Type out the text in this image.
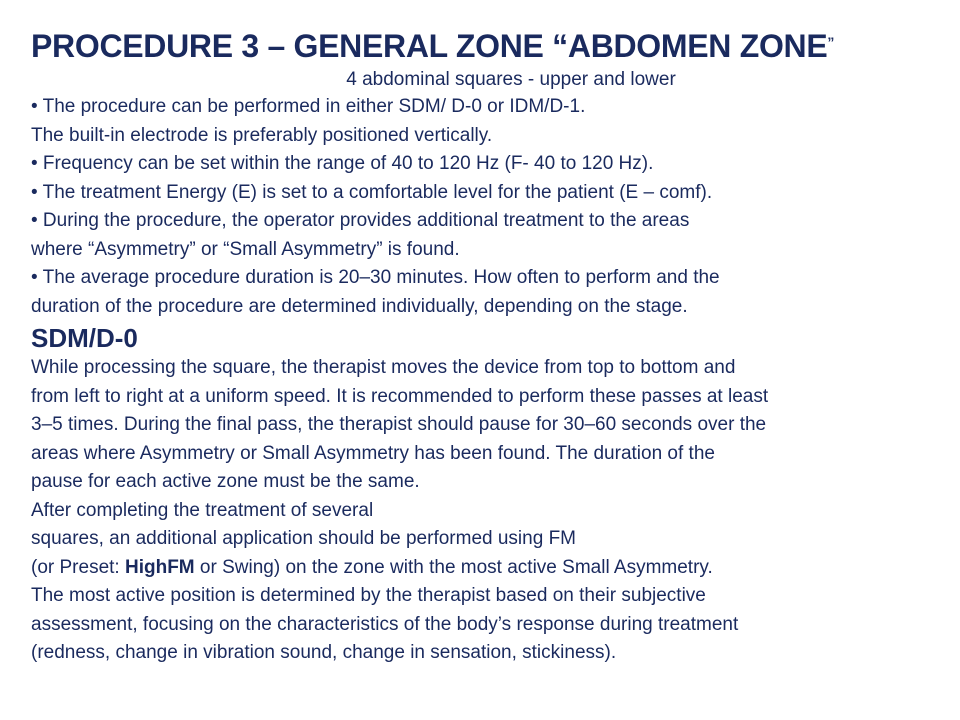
PROCEDURE 3 – GENERAL ZONE “ABDOMEN ZONE”
4 abdominal squares - upper and lower
• The procedure can be performed in either SDM/ D-0 or IDM/D-1.
The built-in electrode is preferably positioned vertically.
• Frequency can be set within the range of 40 to 120 Hz (F- 40 to 120 Hz).
• The treatment Energy (E) is set to a comfortable level for the patient (E – comf).
• During the procedure, the operator provides additional treatment to the areas
where “Asymmetry” or “Small Asymmetry” is found.
• The average procedure duration is 20–30 minutes. How often to perform and the
duration of the procedure are determined individually, depending on the stage.
SDM/D-0
While processing the square, the therapist moves the device from top to bottom and
from left to right at a uniform speed. It is recommended to perform these passes at least
3–5 times. During the final pass, the therapist should pause for 30–60 seconds over the
areas where Asymmetry or Small Asymmetry has been found. The duration of the
pause for each active zone must be the same.
After completing the treatment of several
squares, an additional application should be performed using FM
(or Preset: HighFM or Swing) on the zone with the most active Small Asymmetry.
The most active position is determined by the therapist based on their subjective
assessment, focusing on the characteristics of the body’s response during treatment
(redness, change in vibration sound, change in sensation, stickiness).
